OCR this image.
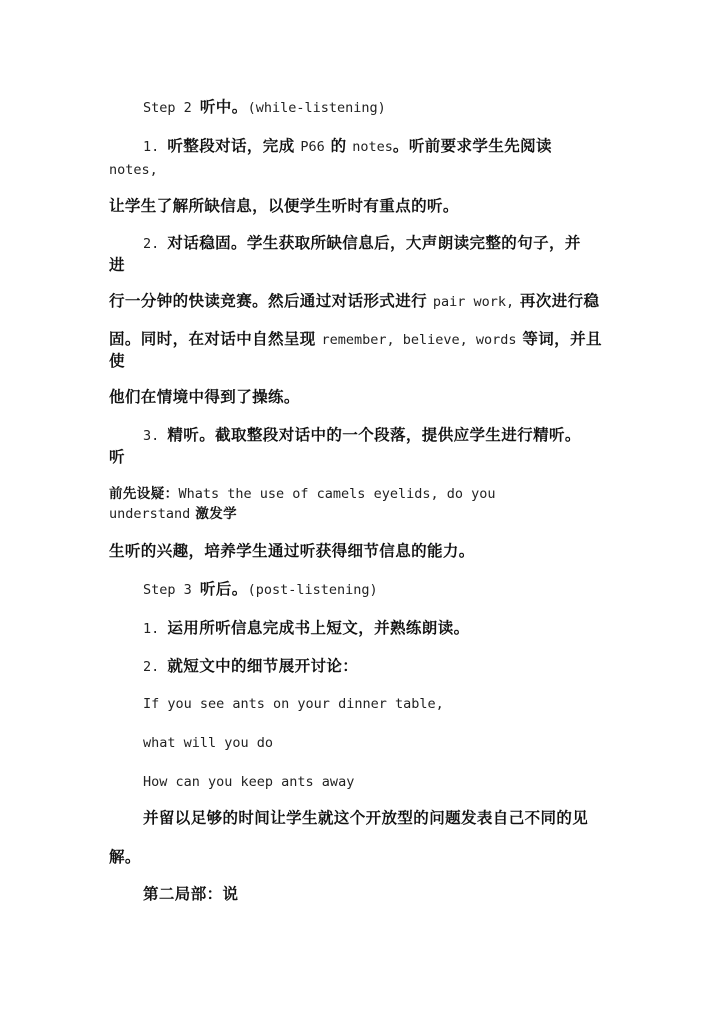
Step 2 听中。(while-listening)
1. 听整段对话，完成 P66 的 notes。听前要求学生先阅读
notes,
让学生了解所缺信息，以便学生听时有重点的听。
2. 对话稳固。学生获取所缺信息后，大声朗读完整的句子，并
进
行一分钟的快读竞赛。然后通过对话形式进行 pair work, 再次进行稳
固。同时，在对话中自然呈现 remember, believe, words 等词，并且
使
他们在情境中得到了操练。
3. 精听。截取整段对话中的一个段落，提供应学生进行精听。
听
前先设疑：Whats the use of camels eyelids, do you
understand 激发学
生听的兴趣，培养学生通过听获得细节信息的能力。
Step 3 听后。(post-listening)
1. 运用所听信息完成书上短文，并熟练朗读。
2. 就短文中的细节展开讨论：
If you see ants on your dinner table,
what will you do
How can you keep ants away
并留以足够的时间让学生就这个开放型的问题发表自己不同的见
解。
第二局部：说
